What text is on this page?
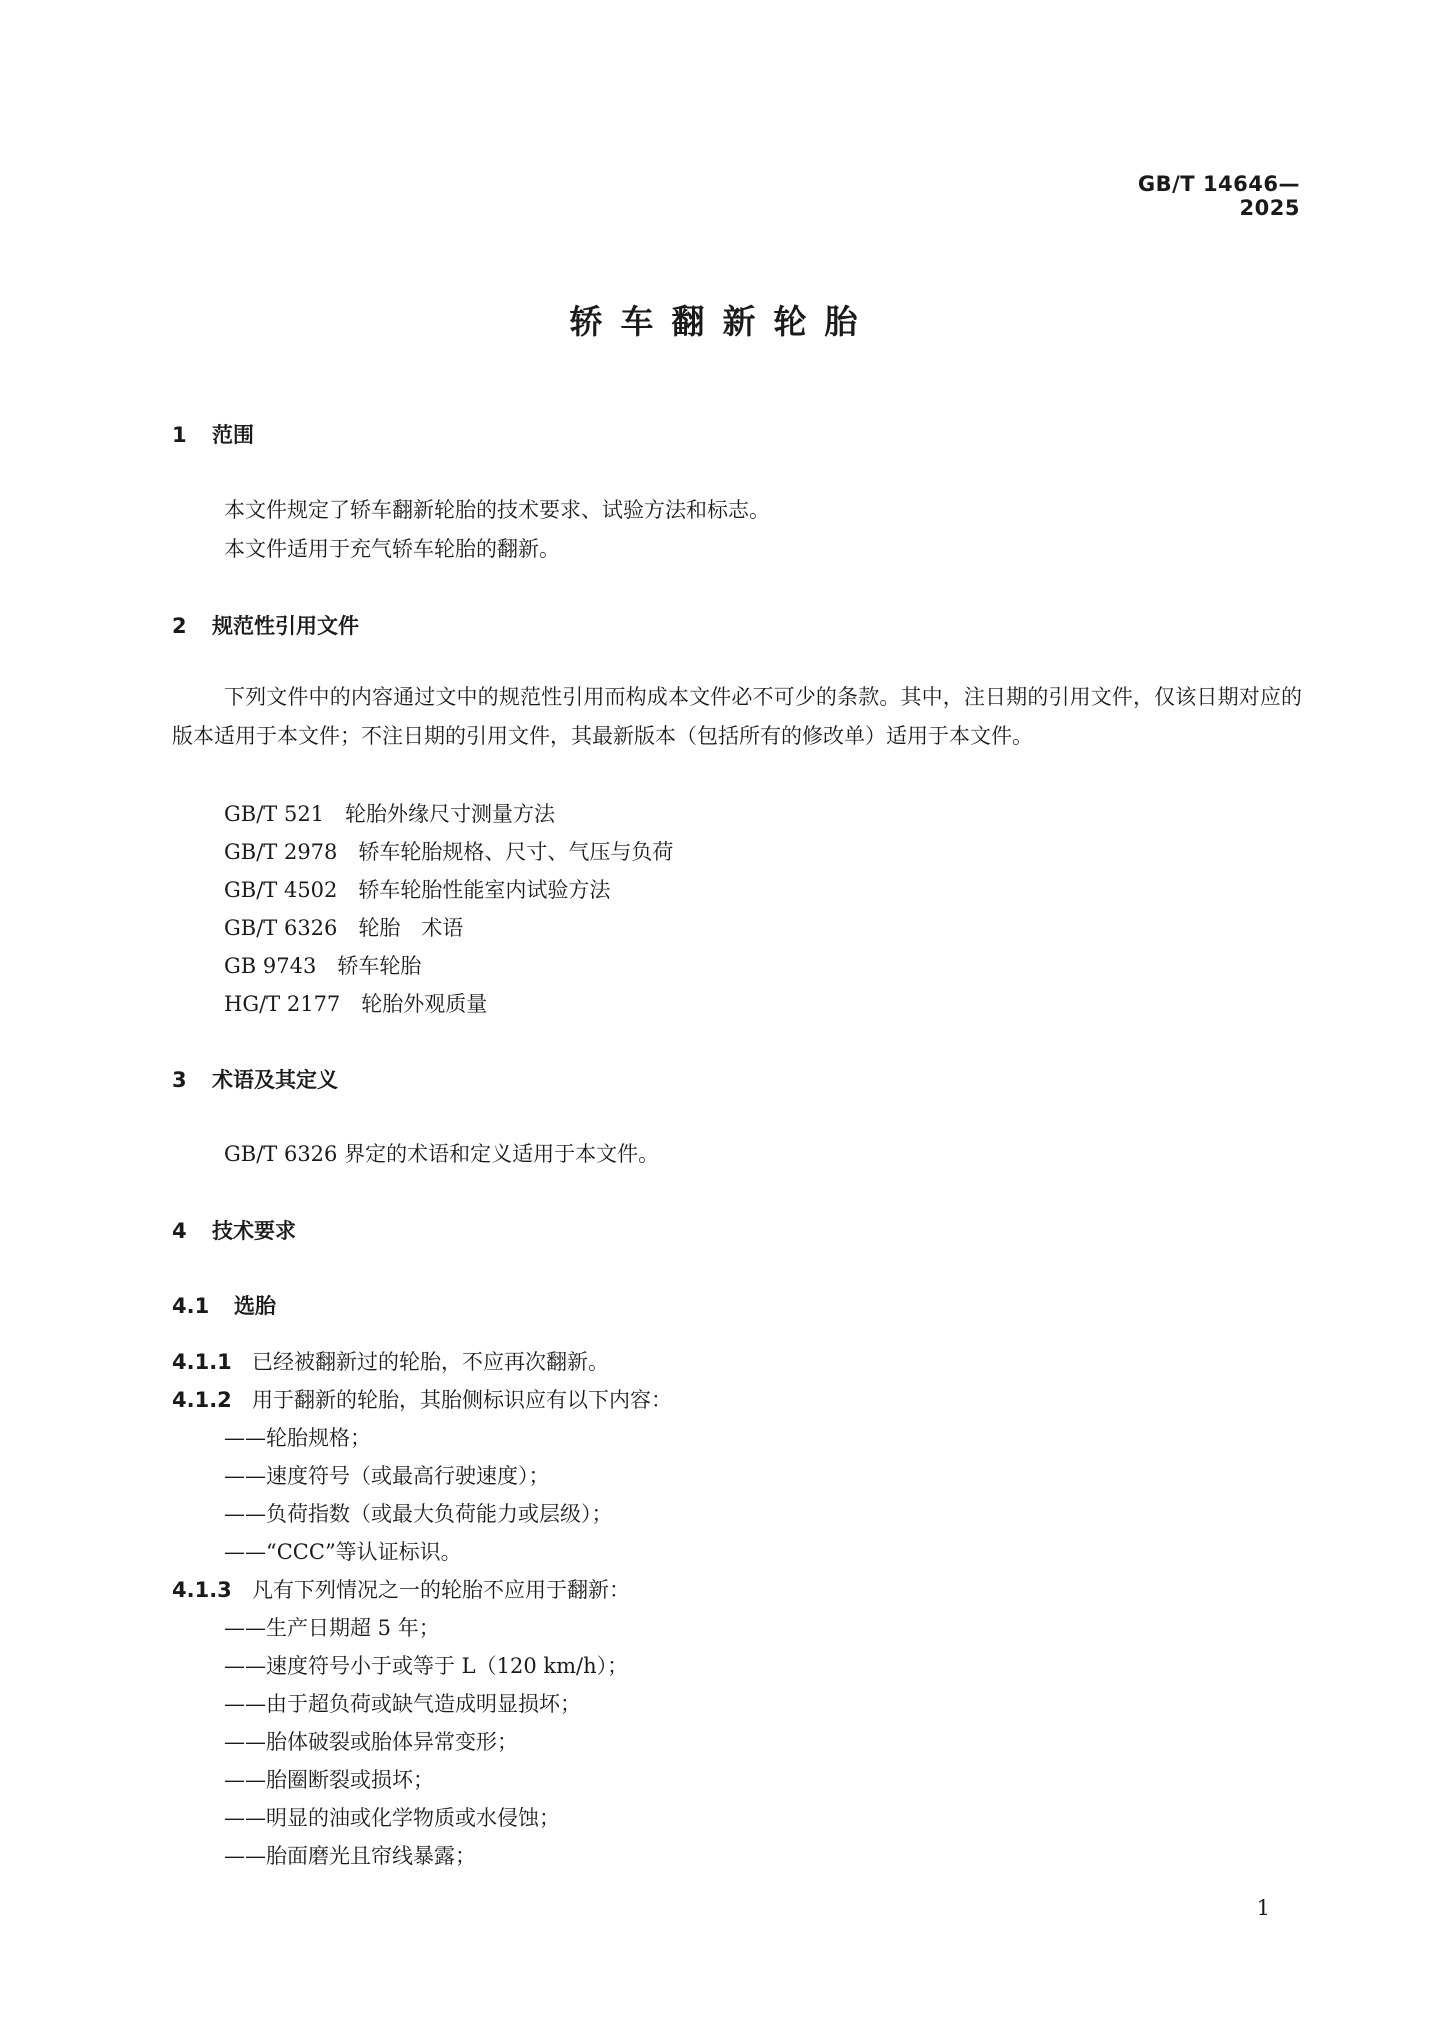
GB/T 14646—2025
轿车翻新轮胎
1 范围
本文件规定了轿车翻新轮胎的技术要求、试验方法和标志。
本文件适用于充气轿车轮胎的翻新。
2 规范性引用文件
下列文件中的内容通过文中的规范性引用而构成本文件必不可少的条款。其中，注日期的引用文件，仅该日期对应的版本适用于本文件；不注日期的引用文件，其最新版本（包括所有的修改单）适用于本文件。
GB/T 521　轮胎外缘尺寸测量方法
GB/T 2978　轿车轮胎规格、尺寸、气压与负荷
GB/T 4502　轿车轮胎性能室内试验方法
GB/T 6326　轮胎　术语
GB 9743　轿车轮胎
HG/T 2177　轮胎外观质量
3 术语及其定义
GB/T 6326 界定的术语和定义适用于本文件。
4 技术要求
4.1 选胎
4.1.1 已经被翻新过的轮胎，不应再次翻新。
4.1.2 用于翻新的轮胎，其胎侧标识应有以下内容：
——轮胎规格；
——速度符号（或最高行驶速度）；
——负荷指数（或最大负荷能力或层级）；
——“CCC”等认证标识。
4.1.3 凡有下列情况之一的轮胎不应用于翻新：
——生产日期超 5 年；
——速度符号小于或等于 L（120 km/h）；
——由于超负荷或缺气造成明显损坏；
——胎体破裂或胎体异常变形；
——胎圈断裂或损坏；
——明显的油或化学物质或水侵蚀；
——胎面磨光且帘线暴露；
1
